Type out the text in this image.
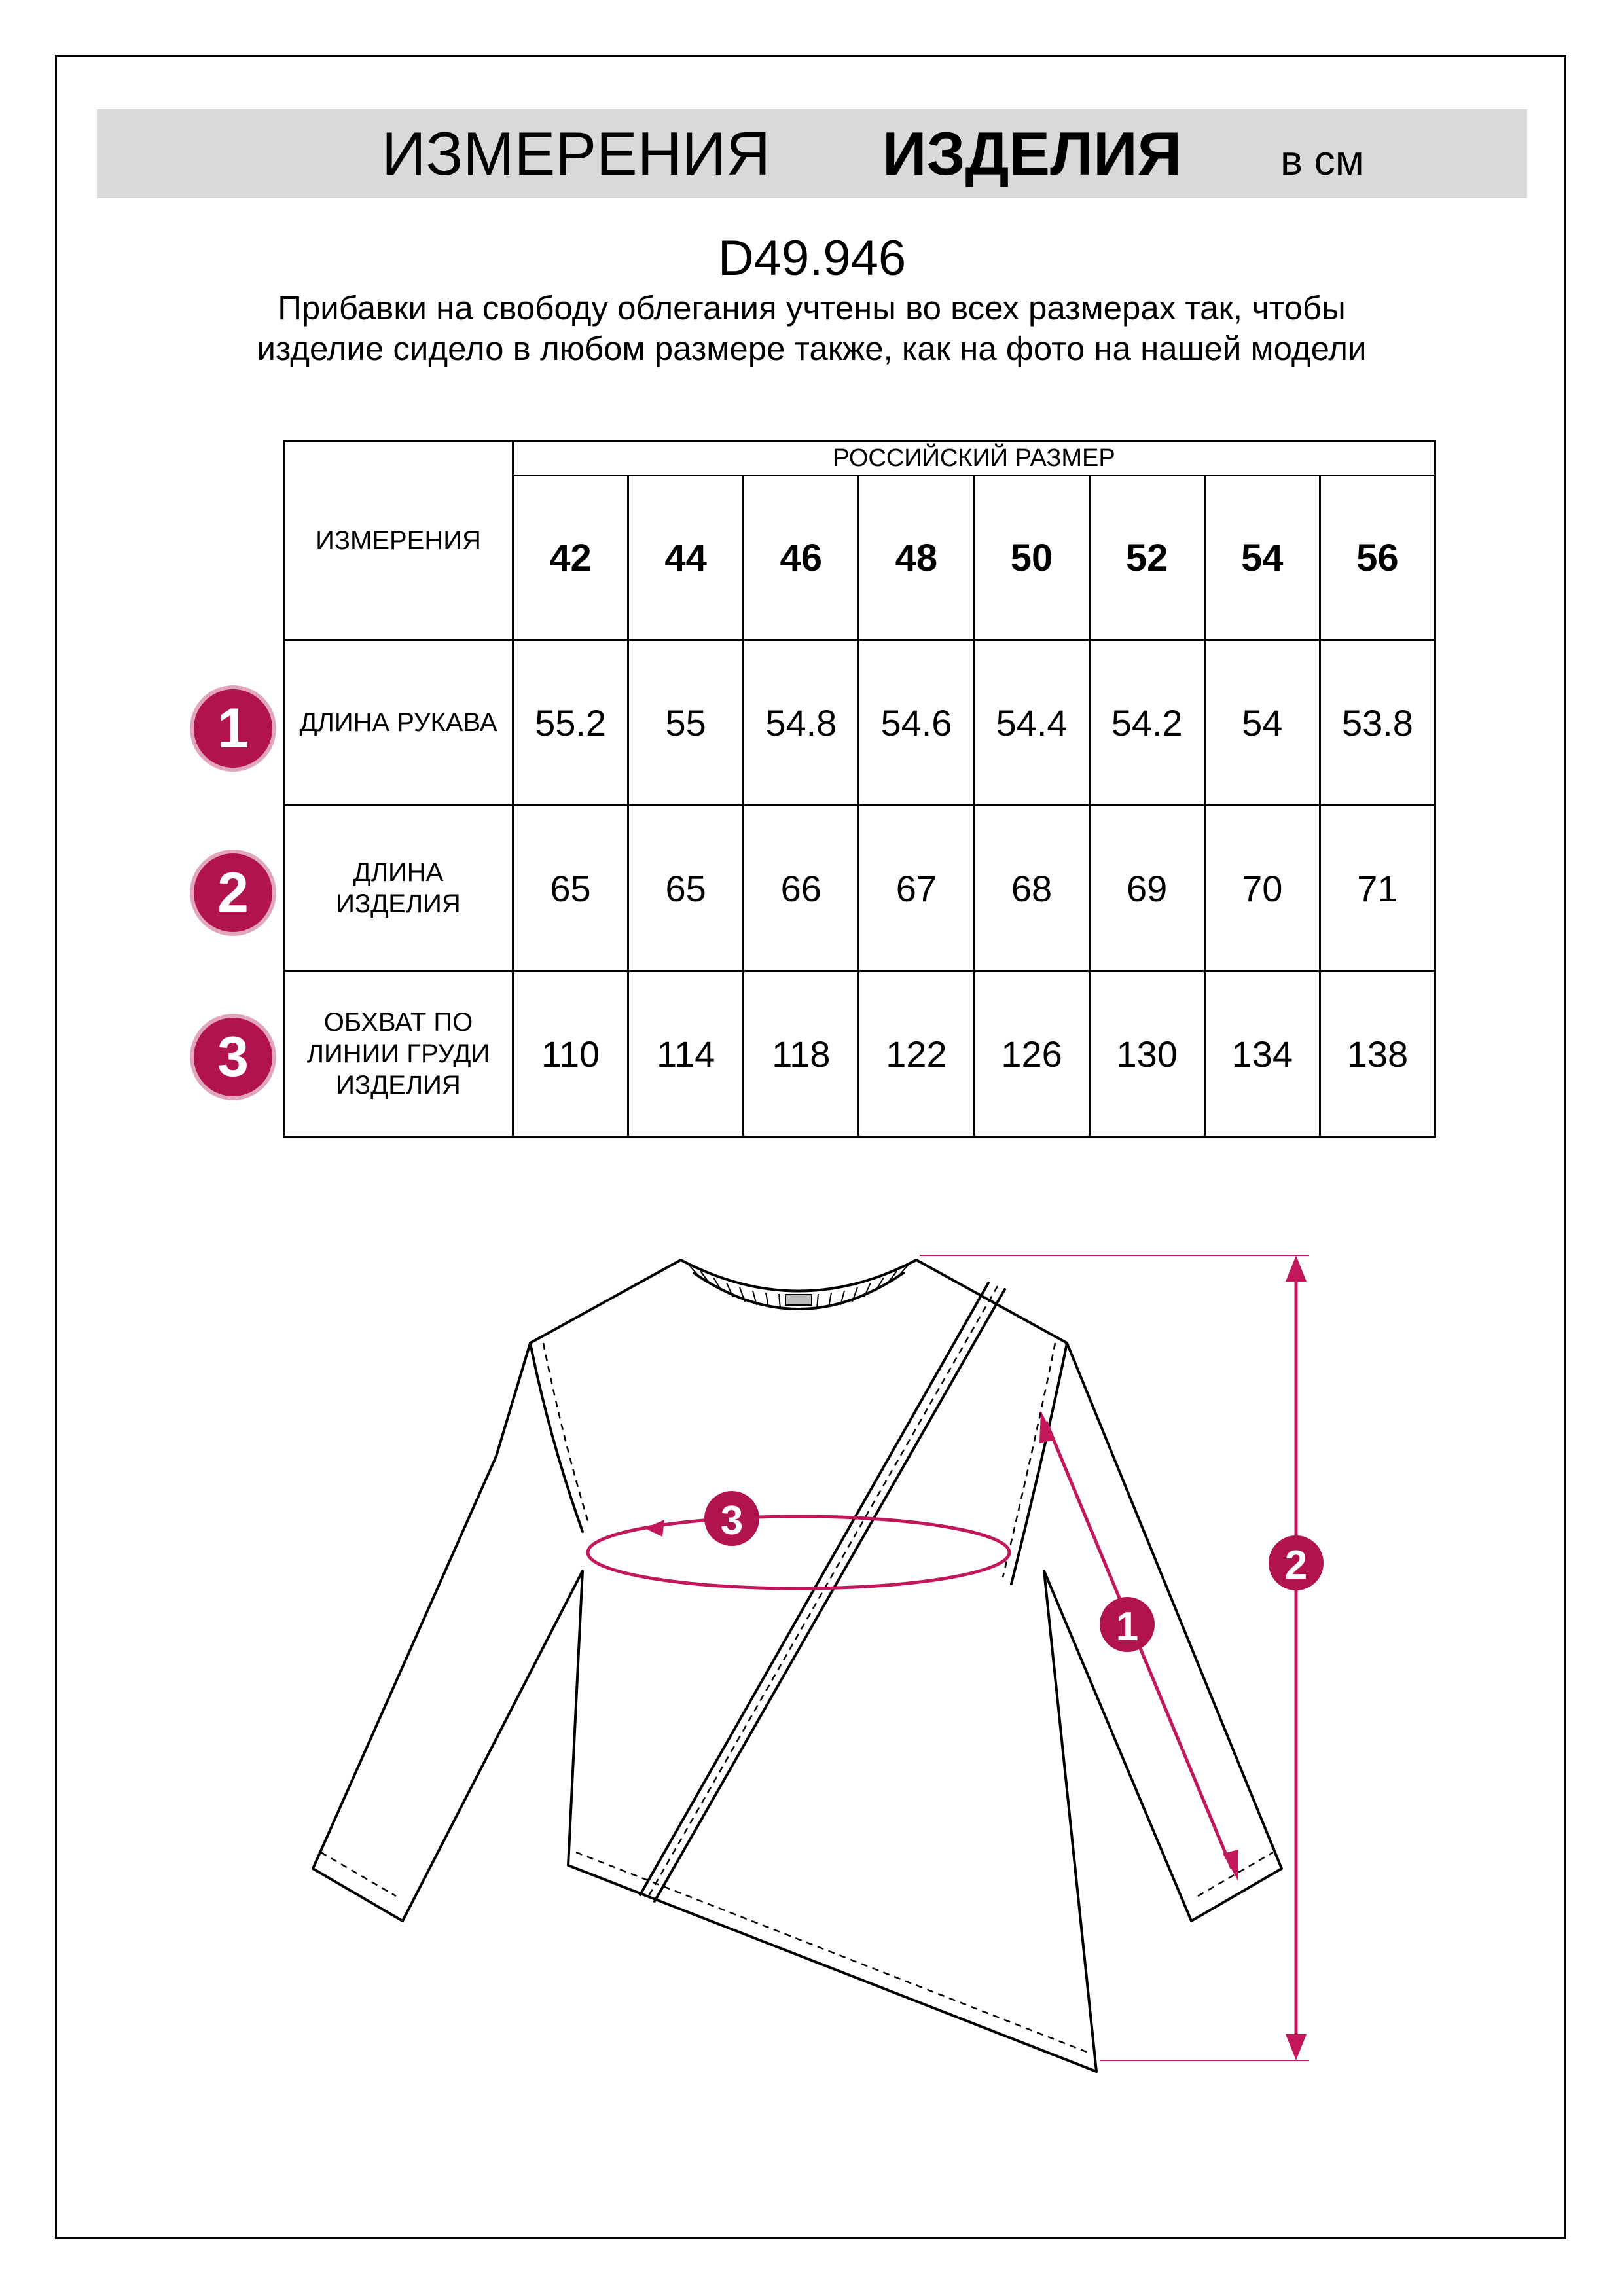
ИЗМЕРЕНИЯ ИЗДЕЛИЯ в см
D49.946
Прибавки на свободу облегания учтены во всех размерах так, чтобы изделие сидело в любом размере также, как на фото на нашей модели
ИЗМЕРЕНИЯ	РОССИЙСКИЙ РАЗМЕР							
	42	44	46	48	50	52	54	56
ДЛИНА РУКАВА	55.2	55	54.8	54.6	54.4	54.2	54	53.8

ДЛИНА ИЗДЕЛИЯ	65	65	66	67	68	69	70	71

ОБХВАТ ПО ЛИНИИ ГРУДИ ИЗДЕЛИЯ	110	114	118	122	126	130	134	138
1
2
3
3
1
2
